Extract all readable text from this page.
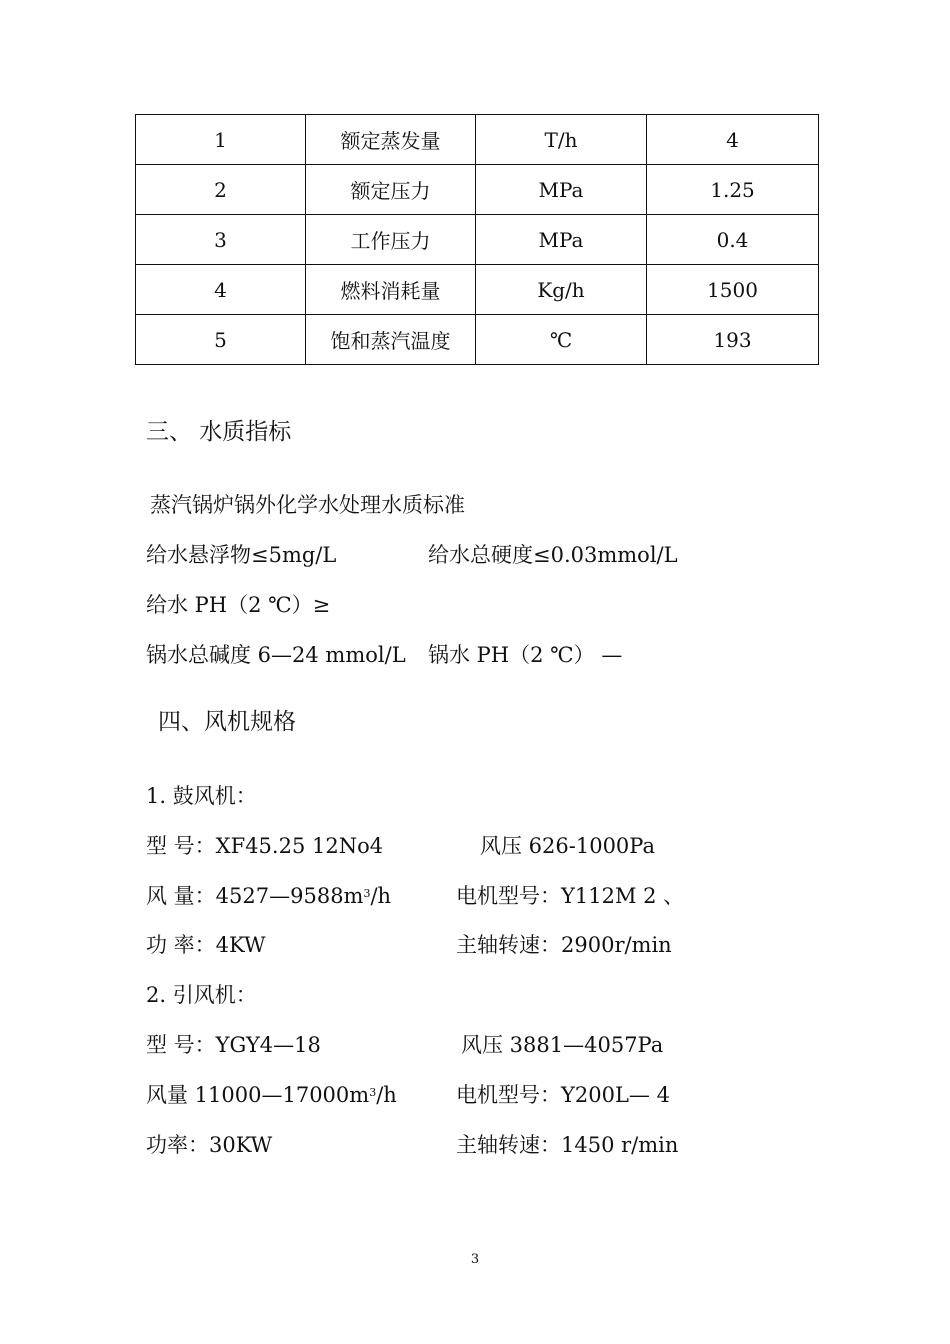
1	额定蒸发量	T/h	4
2	额定压力	MPa	1.25
3	工作压力	MPa	0.4
4	燃料消耗量	Kg/h	1500
5	饱和蒸汽温度	℃	193
三、 水质指标
蒸汽锅炉锅外化学水处理水质标准
给水悬浮物≤5mg/L	给水总硬度≤0.03mmol/L
给水 PH（2 ℃）≥
锅水总碱度 6—24 mmol/L 锅水 PH（2 ℃） —
四、风机规格
1. 鼓风机：
型 号：XF45.25 12No4	风压 626-1000Pa
风 量：$4527—9588m^3/h$	电机型号：Y112M 2 、
功 率：4KW	主轴转速：2900r/min
2. 引风机：
型 号：YGY4—18	风压 3881—4057Pa
风量 $11000—17000m^3/h$	电机型号：Y200L— 4
功率：30KW	主轴转速：1450 r/min
3
